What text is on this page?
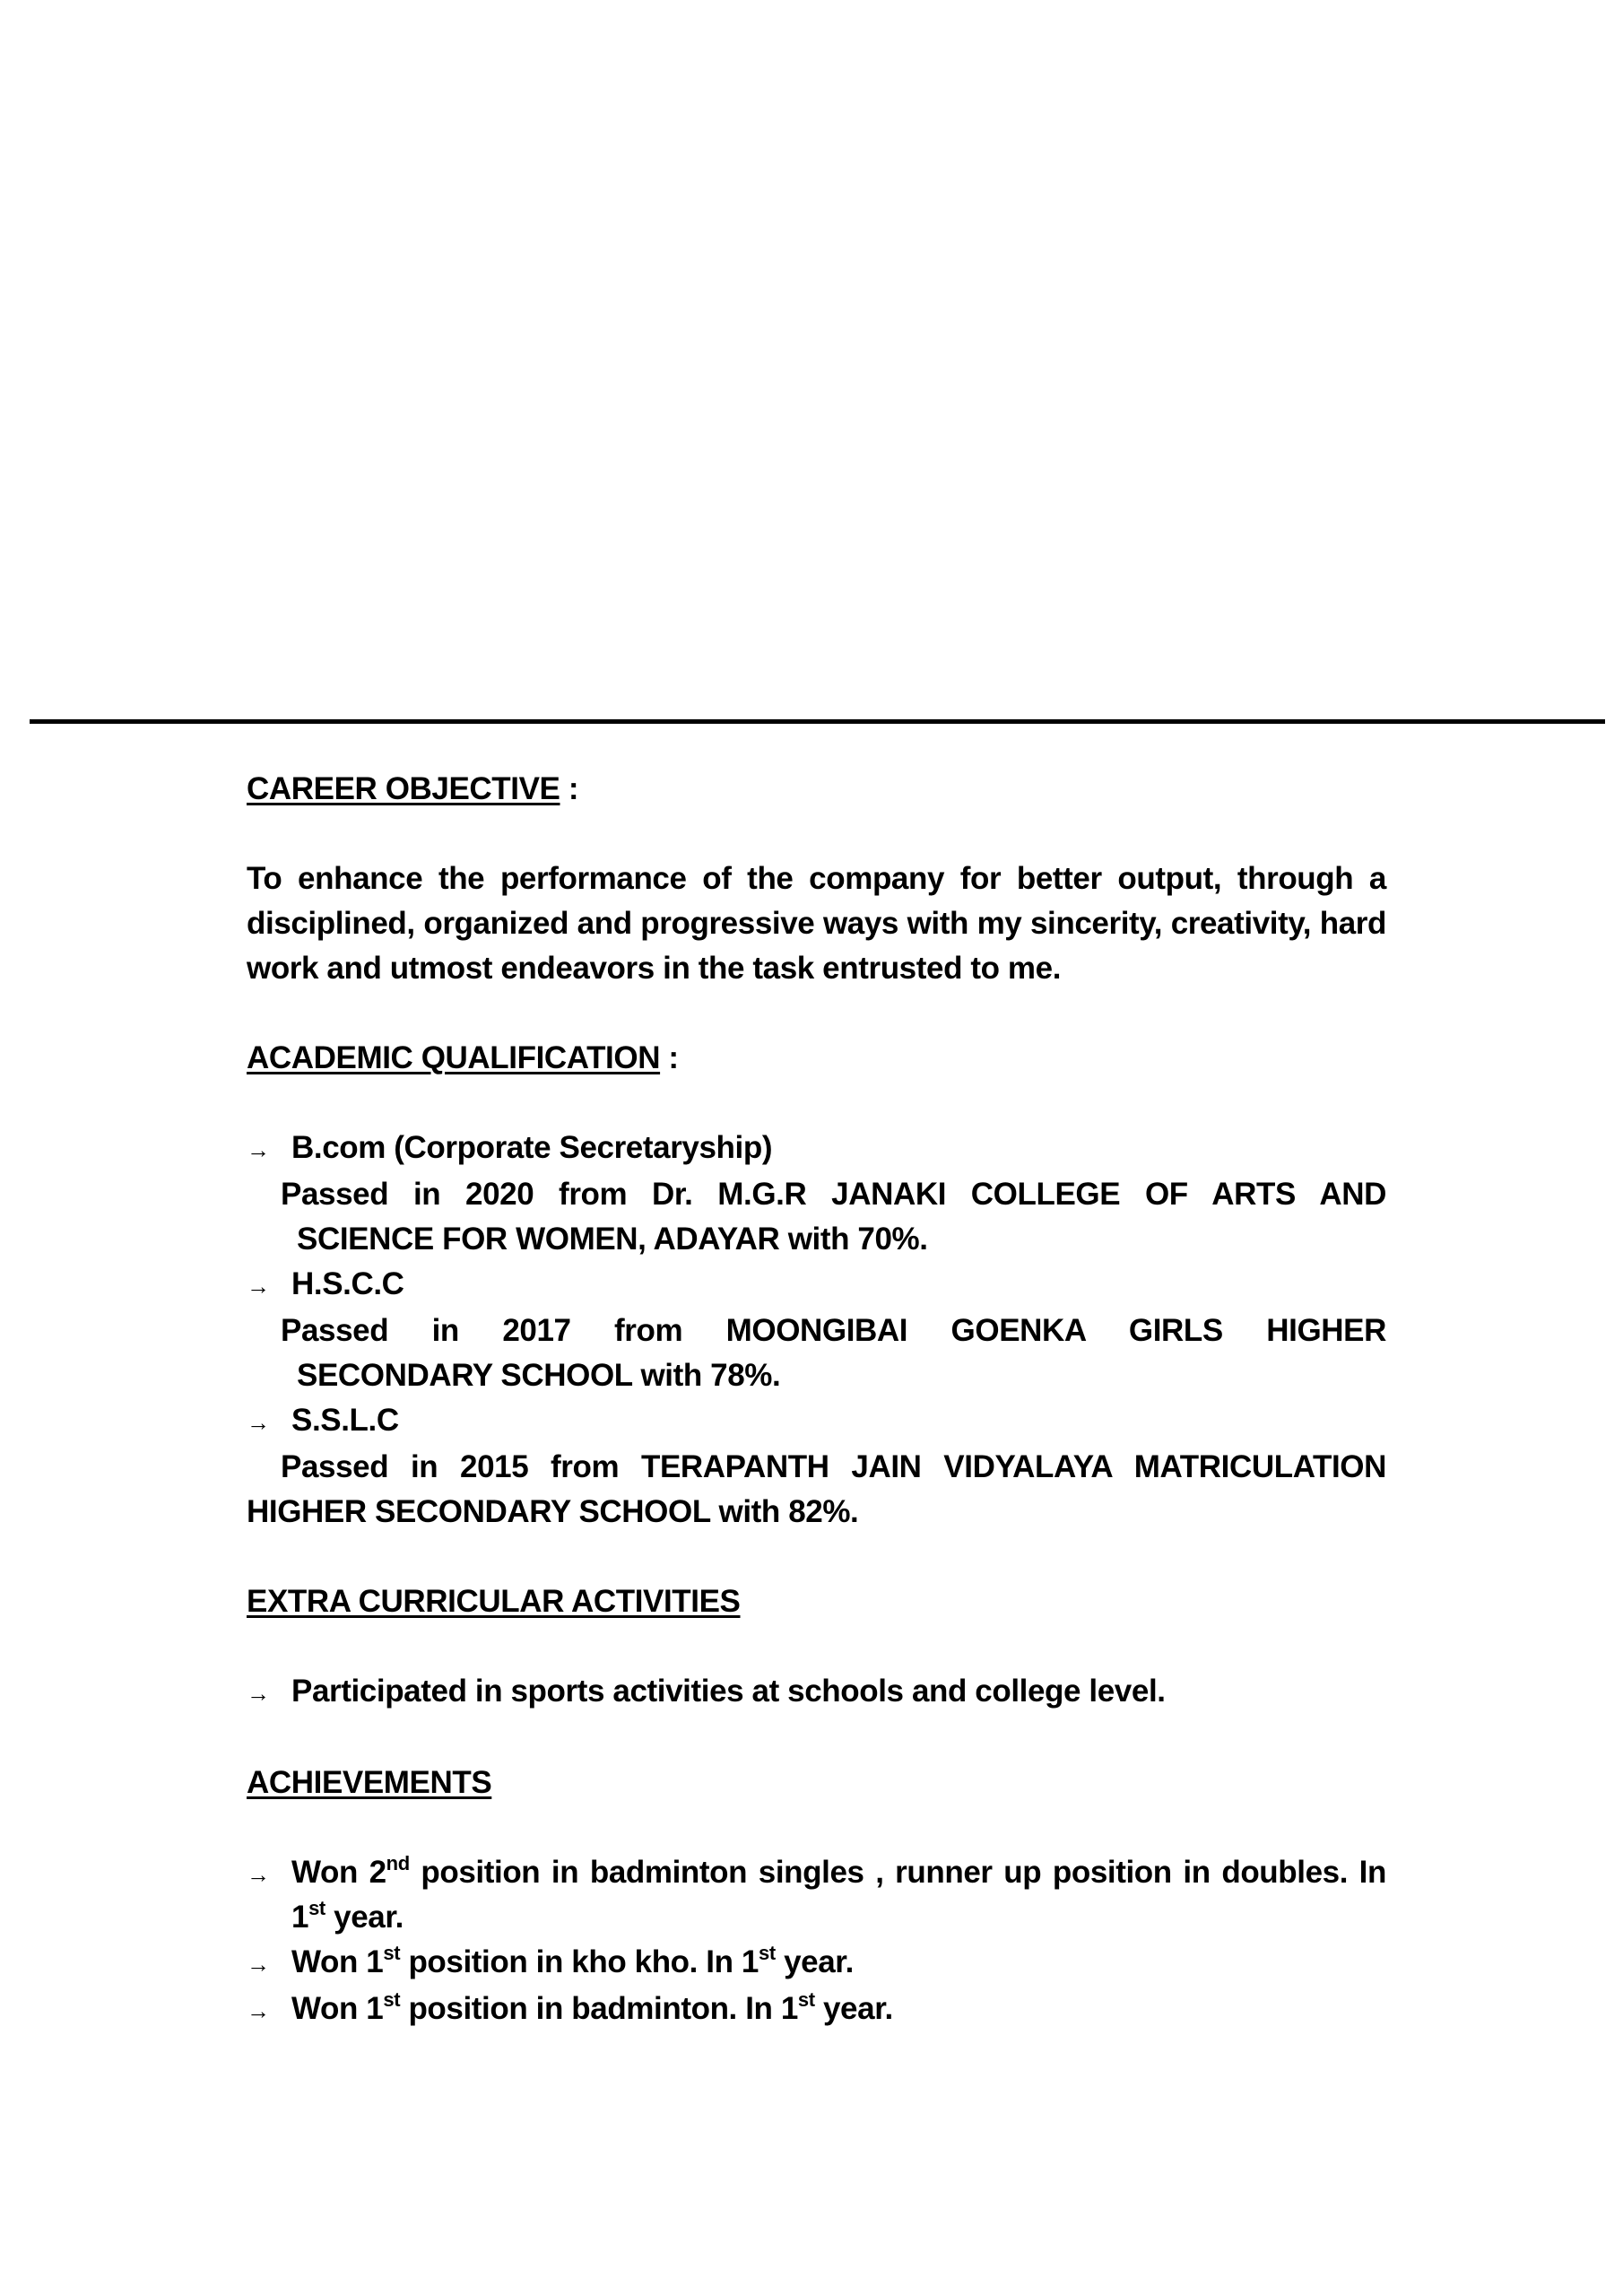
CAREER OBJECTIVE :

To enhance the performance of the company for better output, through a disciplined, organized and progressive ways with my sincerity, creativity, hard work and utmost endeavors in the task entrusted to me.

ACADEMIC QUALIFICATION :
→ B.com (Corporate Secretaryship)
Passed in 2020 from Dr. M.G.R JANAKI COLLEGE OF ARTS AND
SCIENCE FOR WOMEN, ADAYAR with 70%.
→ H.S.C.C
Passed in 2017 from MOONGIBAI GOENKA GIRLS HIGHER
SECONDARY SCHOOL with 78%.
→ S.S.L.C
Passed in 2015 from TERAPANTH JAIN VIDYALAYA MATRICULATION
HIGHER SECONDARY SCHOOL with 82%.
EXTRA CURRICULAR ACTIVITIES
→ Participated in sports activities at schools and college level.
ACHIEVEMENTS
→ Won 2nd position in badminton singles , runner up position in doubles. In 1st year.
→ Won 1st position in kho kho. In 1st year.
→ Won 1st position in badminton. In 1st year.
